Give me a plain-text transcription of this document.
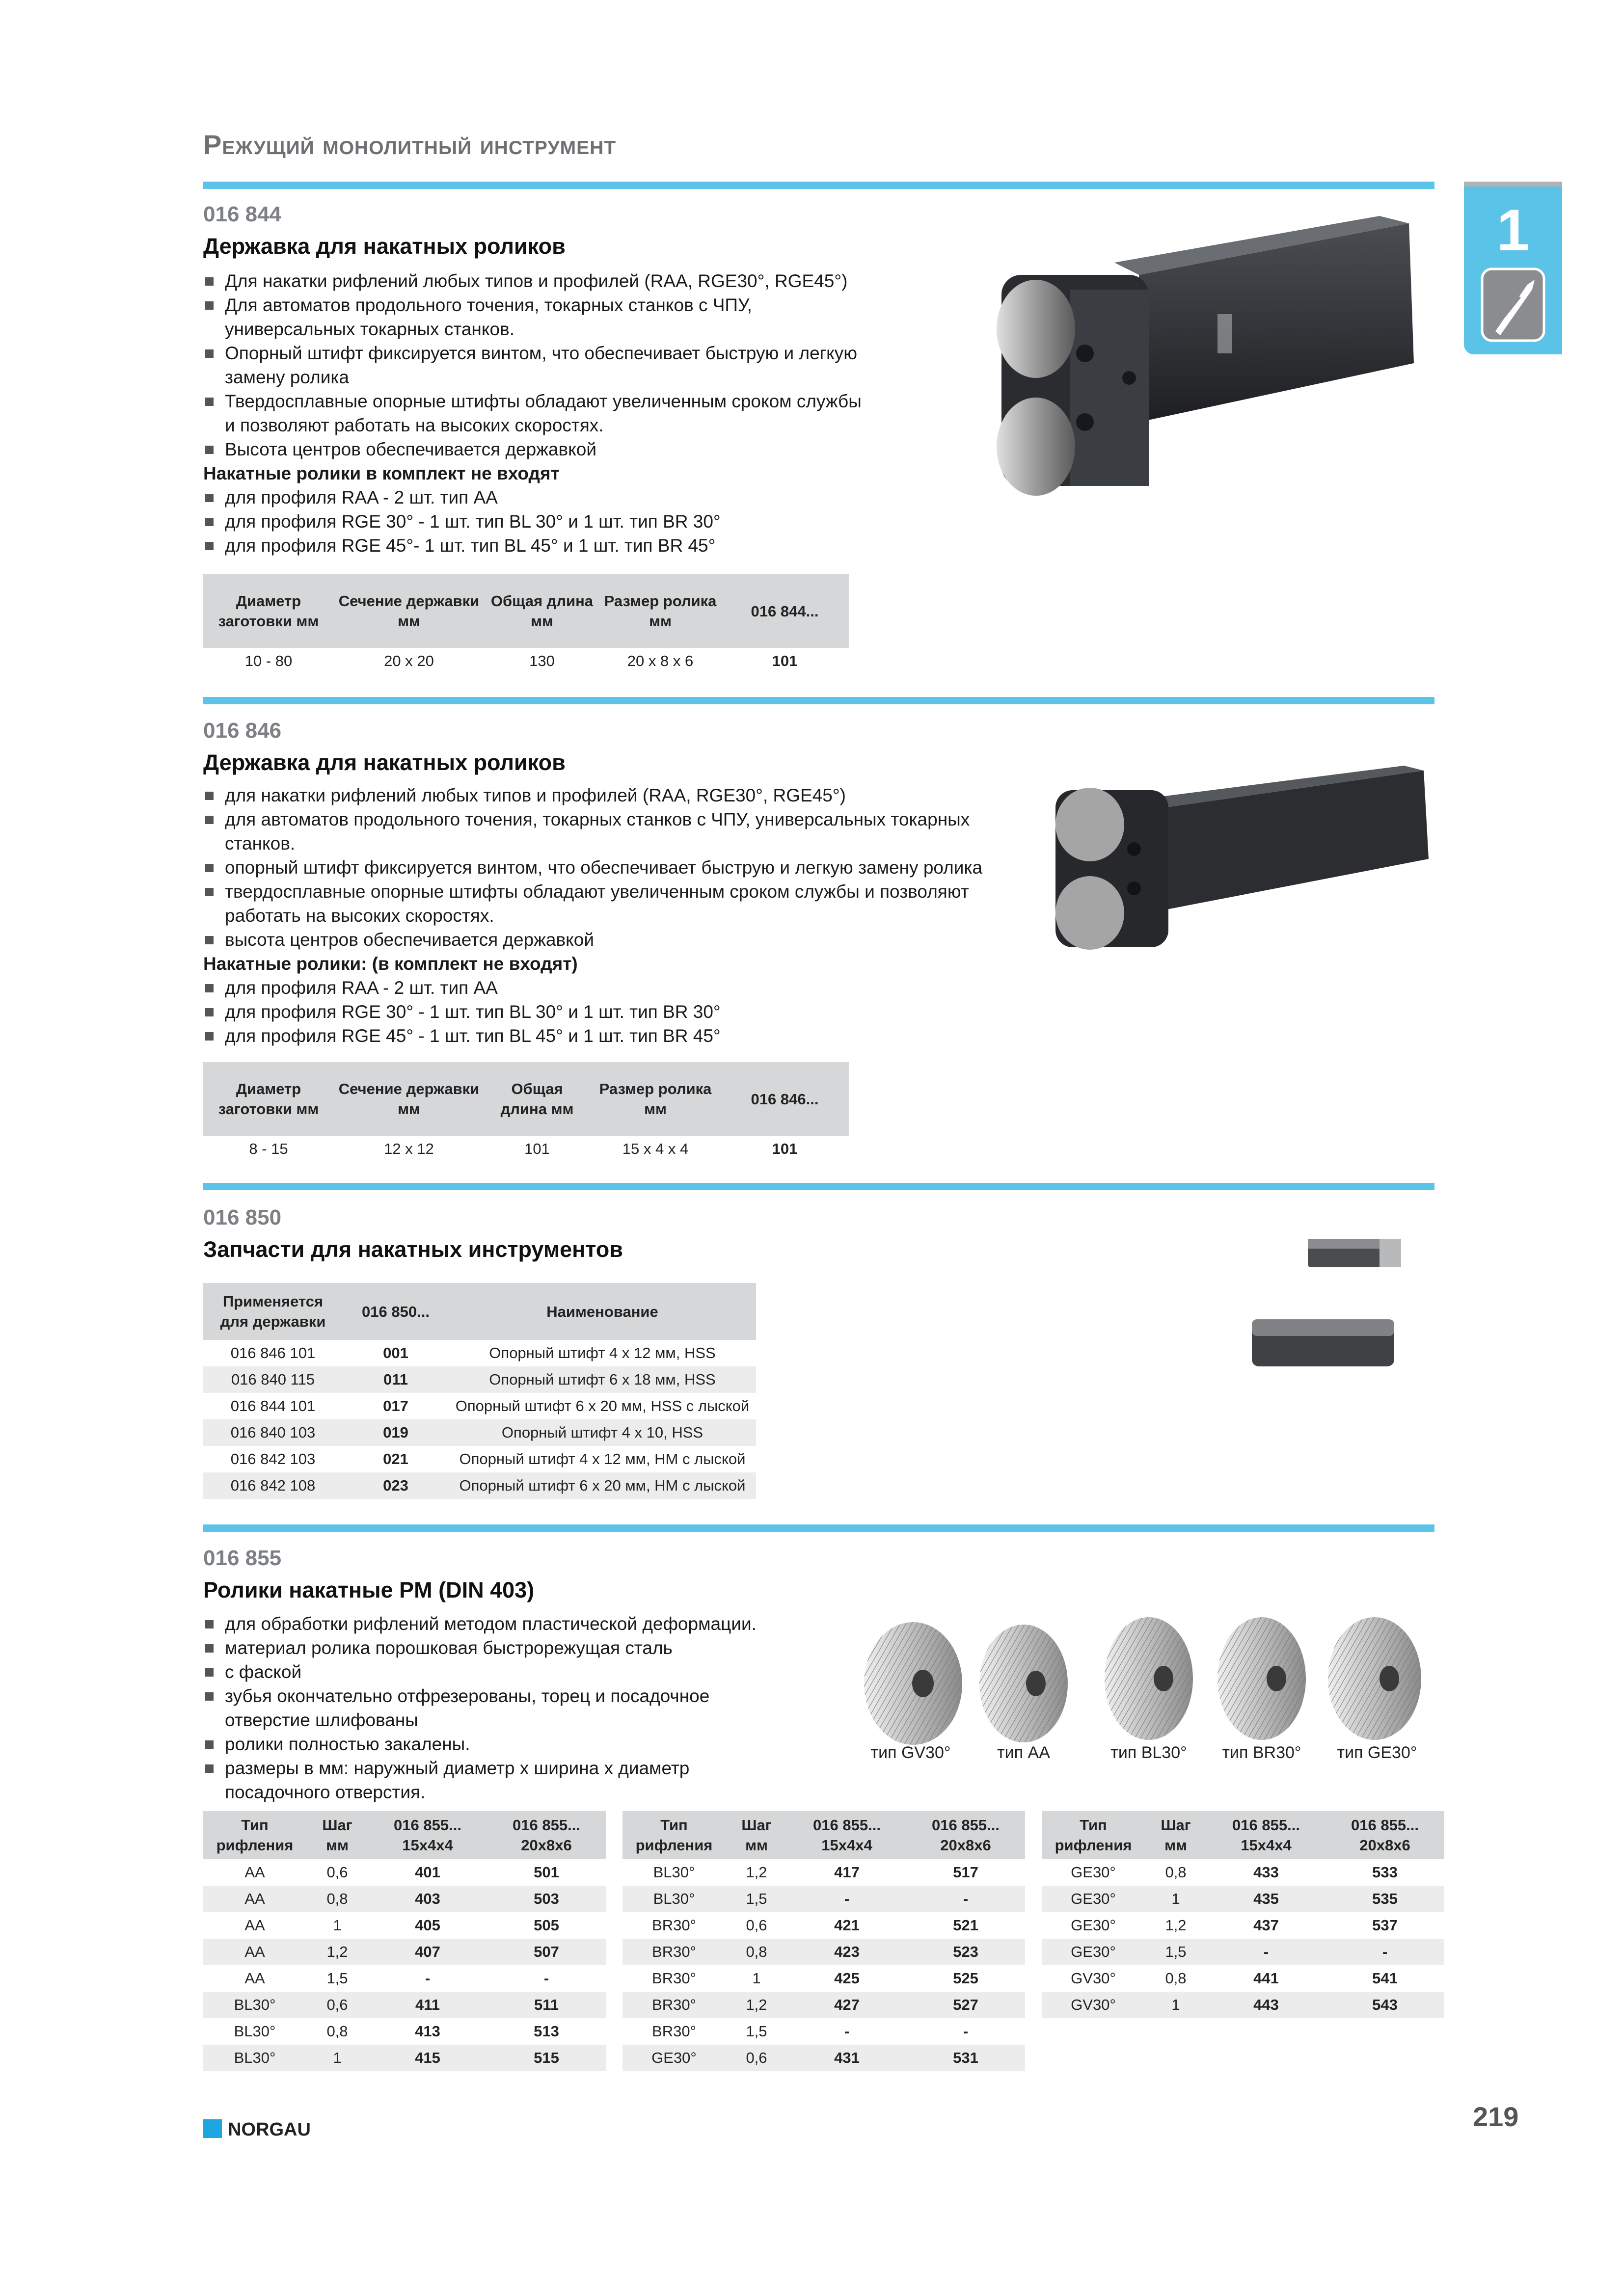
Режущий монолитный инструмент
1
016 844
Державка для накатных роликов
Для накатки рифлений любых типов и профилей (RAA, RGE30°, RGE45°)
Для автоматов продольного точения, токарных станков с ЧПУ, универсальных токарных станков.
Опорный штифт фиксируется винтом, что обеспечивает быструю и легкую замену ролика
Твердосплавные опорные штифты обладают увеличенным сроком службы и позволяют работать на высоких скоростях.
Высота центров обеспечивается державкой
Накатные ролики в комплект не входят
для профиля RAA - 2 шт. тип AA
для профиля RGE 30° - 1 шт. тип BL 30° и 1 шт. тип BR 30°
для профиля RGE 45°- 1 шт. тип BL 45° и 1 шт. тип BR 45°
Диаметр заготовки мм	Сечение державки мм	Общая длина мм	Размер ролика мм	016 844...
10 - 80	20 x 20	130	20 x 8 x 6	101
016 846
Державка для накатных роликов
для накатки рифлений любых типов и профилей (RAA, RGE30°, RGE45°)
для автоматов продольного точения, токарных станков с ЧПУ, универсальных токарных станков.
опорный штифт фиксируется винтом, что обеспечивает быструю и легкую замену ролика
твердосплавные опорные штифты обладают увеличенным сроком службы и позволяют работать на высоких скоростях.
высота центров обеспечивается державкой
Накатные ролики: (в комплект не входят)
для профиля RAA - 2 шт. тип AA
для профиля RGE 30° - 1 шт. тип BL 30° и 1 шт. тип BR 30°
для профиля RGE 45° - 1 шт. тип BL 45° и 1 шт. тип BR 45°
Диаметр заготовки мм	Сечение державки мм	Общая длина мм	Размер ролика мм	016 846...
8 - 15	12 x 12	101	15 x 4 x 4	101
016 850
Запчасти для накатных инструментов
Применяется для державки	016 850...	Наименование
016 846 101	001	Опорный штифт 4 x 12 мм, HSS
016 840 115	011	Опорный штифт 6 x 18 мм, HSS
016 844 101	017	Опорный штифт 6 x 20 мм, HSS с лыской
016 840 103	019	Опорный штифт 4 x 10, HSS
016 842 103	021	Опорный штифт 4 x 12 мм, HM с лыской
016 842 108	023	Опорный штифт 6 x 20 мм, HM с лыской
016 855
Ролики накатные PM (DIN 403)
для обработки рифлений методом пластической деформации.
материал ролика порошковая быстрорежущая сталь
с фаской
зубья окончательно отфрезерованы, торец и посадочное отверстие шлифованы
ролики полностью закалены.
размеры в мм: наружный диаметр x ширина x диаметр посадочного отверстия.
тип GV30°	тип AA	тип BL30°	тип BR30°	тип GE30°
Тип рифления	Шаг мм	016 855... 15x4x4	016 855... 20x8x6
AA	0,6	401	501
AA	0,8	403	503
AA	1	405	505
AA	1,2	407	507
AA	1,5	-	-
BL30°	0,6	411	511
BL30°	0,8	413	513
BL30°	1	415	515
Тип рифления	Шаг мм	016 855... 15x4x4	016 855... 20x8x6
BL30°	1,2	417	517
BL30°	1,5	-	-
BR30°	0,6	421	521
BR30°	0,8	423	523
BR30°	1	425	525
BR30°	1,2	427	527
BR30°	1,5	-	-
GE30°	0,6	431	531
Тип рифления	Шаг мм	016 855... 15x4x4	016 855... 20x8x6
GE30°	0,8	433	533
GE30°	1	435	535
GE30°	1,2	437	537
GE30°	1,5	-	-
GV30°	0,8	441	541
GV30°	1	443	543
NORGAU	219
